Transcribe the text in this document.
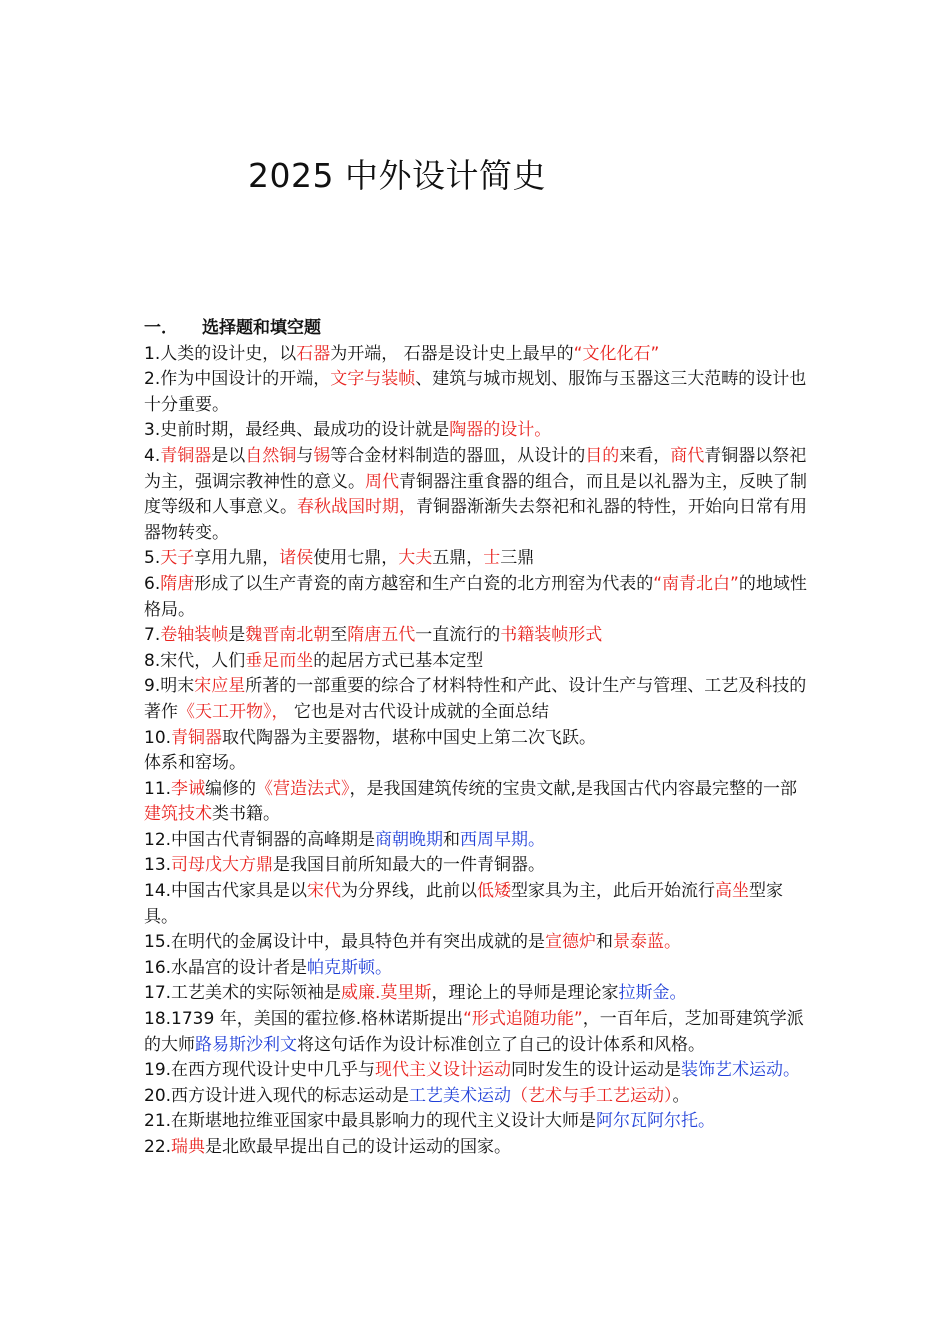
2025 中外设计简史

一． 选择题和填空题

1.人类的设计史，以石器为开端， 石器是设计史上最早的“文化化石”

2.作为中国设计的开端，文字与装帧、建筑与城市规划、服饰与玉器这三大范畴的设计也十分重要。

3.史前时期，最经典、最成功的设计就是陶器的设计。

4.青铜器是以自然铜与锡等合金材料制造的器皿，从设计的目的来看，商代青铜器以祭祀为主，强调宗教神性的意义。周代青铜器注重食器的组合，而且是以礼器为主，反映了制度等级和人事意义。春秋战国时期，青铜器渐渐失去祭祀和礼器的特性，开始向日常有用器物转变。

5.天子享用九鼎，诸侯使用七鼎，大夫五鼎，士三鼎

6.隋唐形成了以生产青瓷的南方越窑和生产白瓷的北方刑窑为代表的“南青北白”的地域性格局。

7.卷轴装帧是魏晋南北朝至隋唐五代一直流行的书籍装帧形式

8.宋代，人们垂足而坐的起居方式已基本定型

9.明末宋应星所著的一部重要的综合了材料特性和产此、设计生产与管理、工艺及科技的著作《天工开物》， 它也是对古代设计成就的全面总结

10.青铜器取代陶器为主要器物，堪称中国史上第二次飞跃。

体系和窑场。

11.李诫编修的《营造法式》，是我国建筑传统的宝贵文献,是我国古代内容最完整的一部建筑技术类书籍。

12.中国古代青铜器的高峰期是商朝晚期和西周早期。

13.司母戊大方鼎是我国目前所知最大的一件青铜器。

14.中国古代家具是以宋代为分界线，此前以低矮型家具为主，此后开始流行高坐型家具。

15.在明代的金属设计中，最具特色并有突出成就的是宣德炉和景泰蓝。

16.水晶宫的设计者是帕克斯顿。

17.工艺美术的实际领袖是威廉.莫里斯，理论上的导师是理论家拉斯金。

18.1739 年，美国的霍拉修.格林诺斯提出“形式追随功能”，一百年后，芝加哥建筑学派的大师路易斯沙利文将这句话作为设计标准创立了自己的设计体系和风格。

19.在西方现代设计史中几乎与现代主义设计运动同时发生的设计运动是装饰艺术运动。

20.西方设计进入现代的标志运动是工艺美术运动（艺术与手工艺运动）。

21.在斯堪地拉维亚国家中最具影响力的现代主义设计大师是阿尔瓦阿尔托。

22.瑞典是北欧最早提出自己的设计运动的国家。
